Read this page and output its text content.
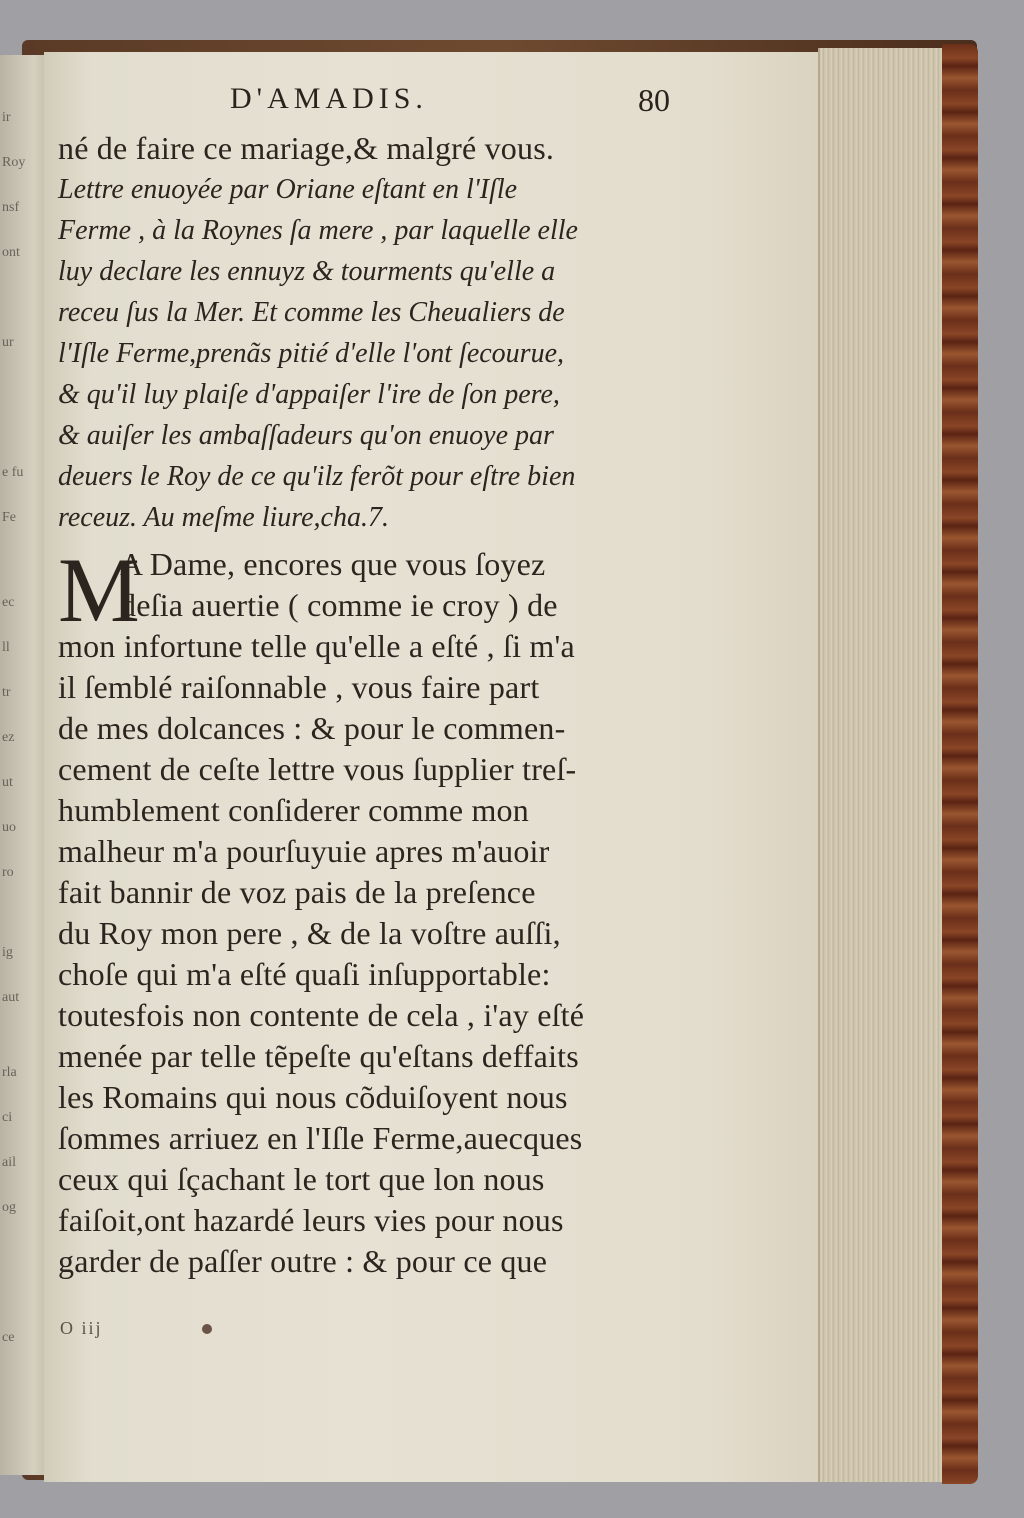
ir
Roy
nsf
ont
ur
e fu
Fe
ec
ll
tr
ez
ut
uo
ro
ig
aut
rla
ci
ail
og
ce
D'AMADIS.	80
né de faire ce mariage,& malgré vous.
Lettre enuoyée par Oriane eſtant en l'Iſle
Ferme , à la Roynes ſa mere , par laquelle elle
luy declare les ennuyz & tourments qu'elle a
receu ſus la Mer. Et comme les Cheualiers de
l'Iſle Ferme,prenãs pitié d'elle l'ont ſecourue,
& qu'il luy plaiſe d'appaiſer l'ire de ſon pere,
& auiſer les ambaſſadeurs qu'on enuoye par
deuers le Roy de ce qu'ilz ferõt pour eſtre bien
receuz. Au meſme liure,cha.7.
M
A Dame, encores que vous ſoyez
deſia auertie ( comme ie croy ) de
mon infortune telle qu'elle a eſté , ſi m'a
il ſemblé raiſonnable , vous faire part
de mes dolcances : & pour le commen-
cement de ceſte lettre vous ſupplier treſ-
humblement conſiderer comme mon
malheur m'a pourſuyuie apres m'auoir
fait bannir de voz pais de la preſence
du Roy mon pere , & de la voſtre auſſi,
choſe qui m'a eſté quaſi inſupportable:
toutesfois non contente de cela , i'ay eſté
menée par telle tẽpeſte qu'eſtans deffaits
les Romains qui nous cõduiſoyent nous
ſommes arriuez en l'Iſle Ferme,auecques
ceux qui ſçachant le tort que lon nous
faiſoit,ont hazardé leurs vies pour nous
garder de paſſer outre : & pour ce que
O iij
